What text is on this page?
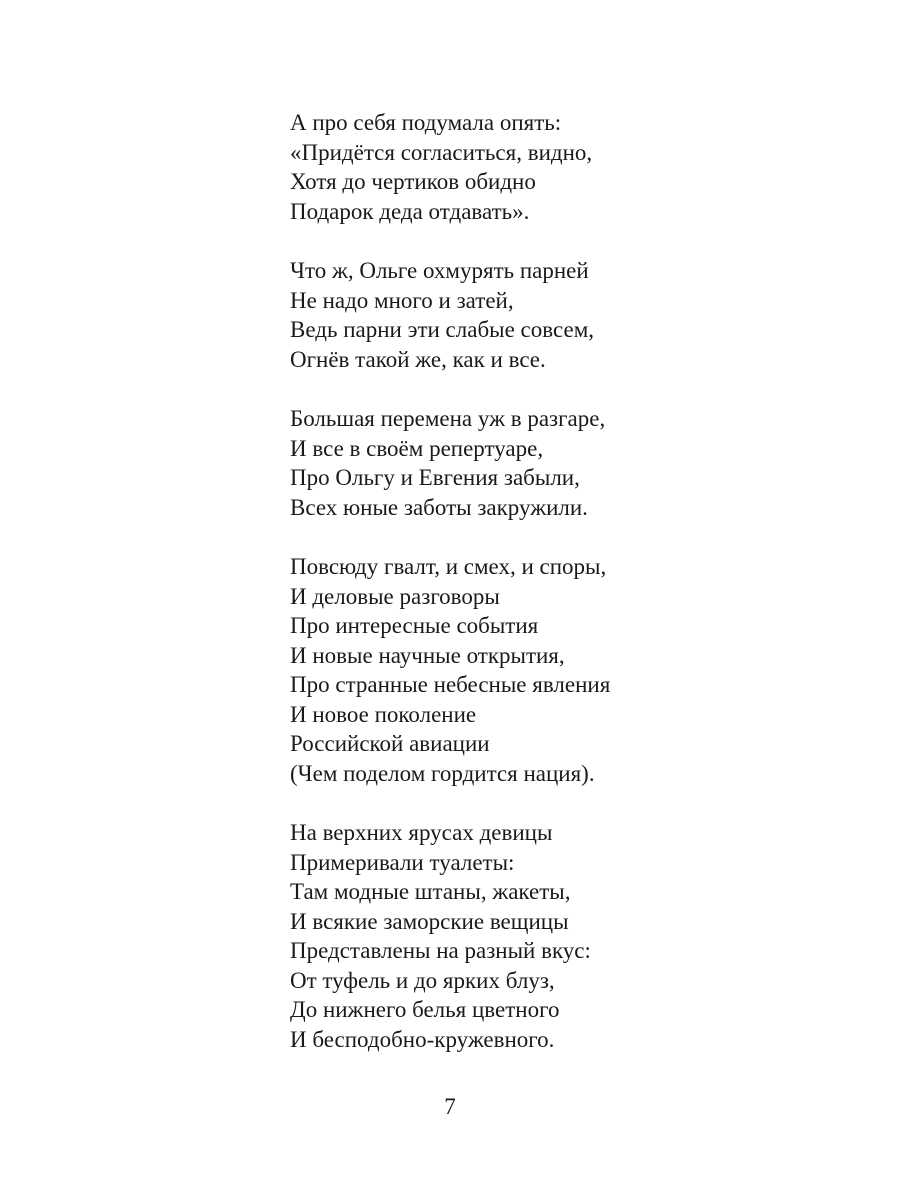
А про себя подумала опять:
«Придётся согласиться, видно,
Хотя до чертиков обидно
Подарок деда отдавать».
Что ж, Ольге охмурять парней
Не надо много и затей,
Ведь парни эти слабые совсем,
Огнёв такой же, как и все.
Большая перемена уж в разгаре,
И все в своём репертуаре,
Про Ольгу и Евгения забыли,
Всех юные заботы закружили.
Повсюду гвалт, и смех, и споры,
И деловые разговоры
Про интересные события
И новые научные открытия,
Про странные небесные явления
И новое поколение
Российской авиации
(Чем поделом гордится нация).
На верхних ярусах девицы
Примеривали туалеты:
Там модные штаны, жакеты,
И всякие заморские вещицы
Представлены на разный вкус:
От туфель и до ярких блуз,
До нижнего белья цветного
И бесподобно-кружевного.
7
